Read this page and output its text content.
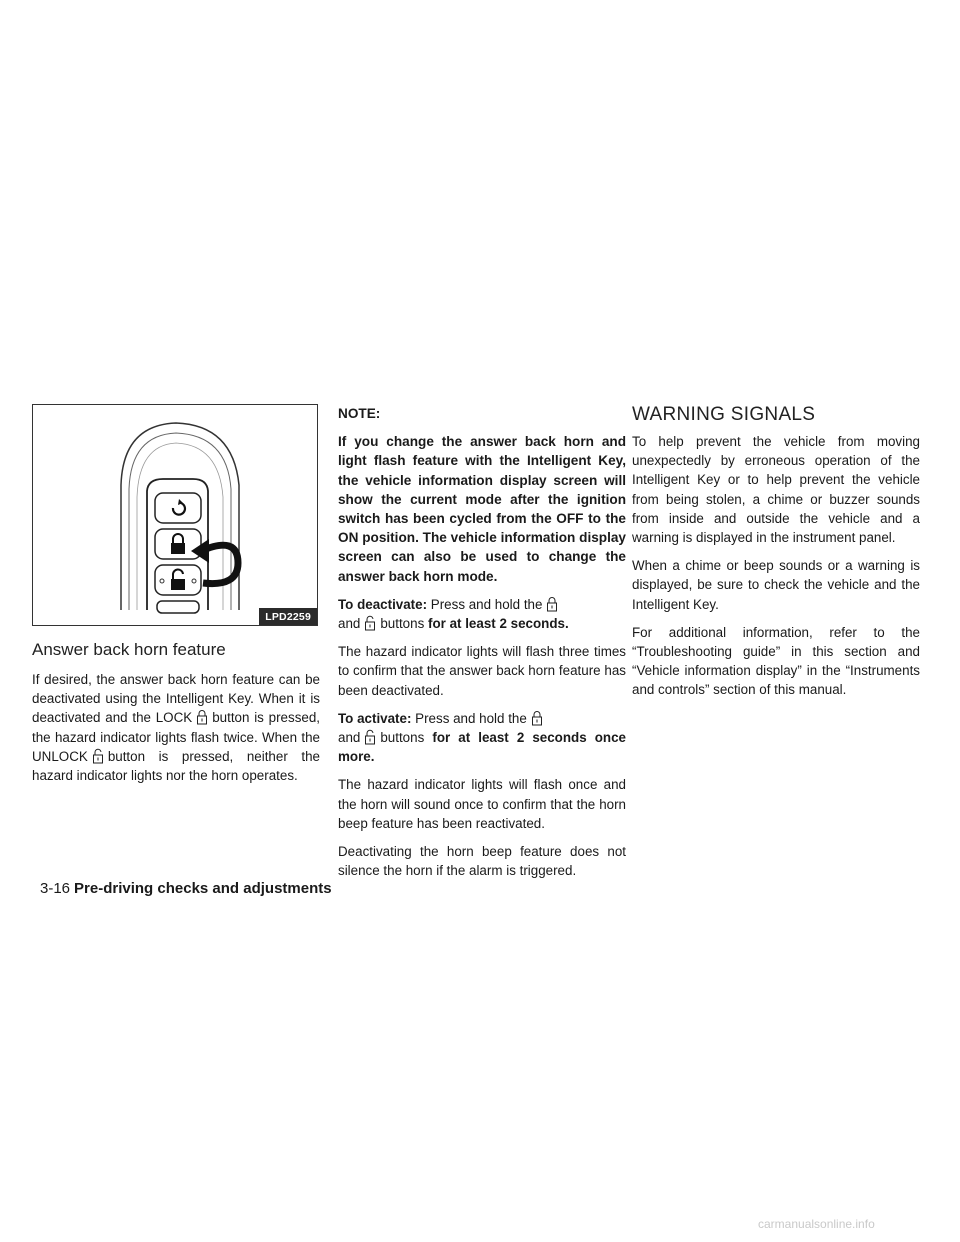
LPD2259
Answer back horn feature

If desired, the answer back horn feature can be deactivated using the Intelligent Key. When it is deactivated and the LOCK button is pressed, the hazard indicator lights flash twice. When the UNLOCK button is pressed, neither the hazard indicator lights nor the horn operates.

NOTE:

If you change the answer back horn and light flash feature with the Intelligent Key, the vehicle information display screen will show the current mode after the ignition switch has been cycled from the OFF to the ON position. The vehicle information display screen can also be used to change the answer back horn mode.

To deactivate: Press and hold the
and buttons for at least 2 seconds.

The hazard indicator lights will flash three times to confirm that the answer back horn feature has been deactivated.

To activate: Press and hold the
and buttons for at least 2 seconds once more.

The hazard indicator lights will flash once and the horn will sound once to confirm that the horn beep feature has been reactivated.

Deactivating the horn beep feature does not silence the horn if the alarm is triggered.

WARNING SIGNALS

To help prevent the vehicle from moving unexpectedly by erroneous operation of the Intelligent Key or to help prevent the vehicle from being stolen, a chime or buzzer sounds from inside and outside the vehicle and a warning is displayed in the instrument panel.

When a chime or beep sounds or a warning is displayed, be sure to check the vehicle and the Intelligent Key.

For additional information, refer to the “Troubleshooting guide” in this section and “Vehicle information display” in the “Instruments and controls” section of this manual.

3-16 Pre-driving checks and adjustments
carmanualsonline.info
